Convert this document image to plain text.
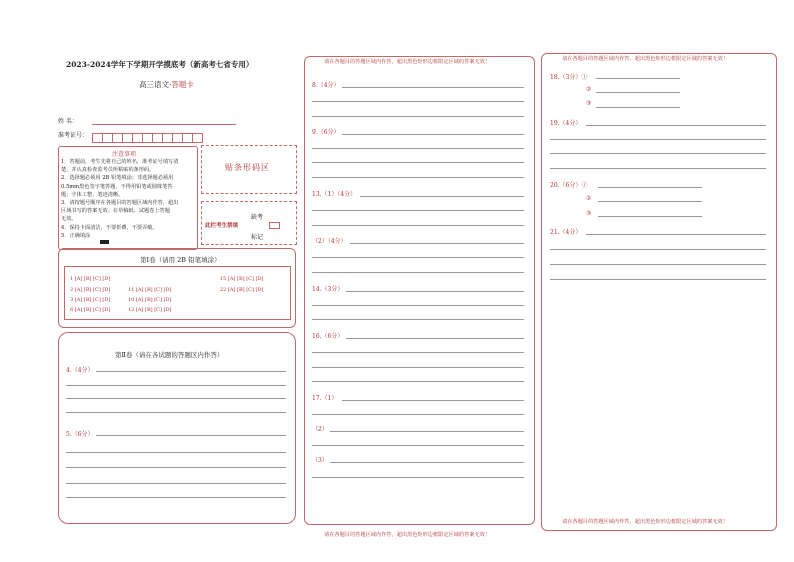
2023-2024学年下学期开学摸底考（新高考七省专用）
高三语文·答题卡
姓 名：
准考证号：
注意事项
1．答题前，考生先将自己的姓名，准考证号填写清
楚，并认真检查监考员所粘贴的条形码。
2．选择题必须用 2B 铅笔填涂；非选择题必须用
0.5mm黑色签字笔答题，不得用铅笔或圆珠笔答
题；字体工整、笔迹清晰。
3．请按题号顺序在各题目的答题区域内作答，超出
区域书写的答案无效；在草稿纸、试题卷上答题
无效。
4．保持卡面清洁，不要折叠、不要弄破。
5．正确填涂
贴条形码区
此栏考生禁填
缺考
标记
第Ⅰ卷（请用 2B 铅笔填涂）
1 [A] [B] [C] [D]
2 [A] [B] [C] [D]
3 [A] [B] [C] [D]
6 [A] [B] [C] [D]
10 [A] [B] [C] [D]
11 [A] [B] [C] [D]
12 [A] [B] [C] [D]
15 [A] [B] [C] [D]
22 [A] [B] [C] [D]
第Ⅱ卷（请在各试题的答题区内作答）
4.（4分）
5.（6分）
请在各题目的答题区域内作答，超出黑色矩形边框限定区域的答案无效！
请在各题目的答题区域内作答，超出黑色矩形边框限定区域的答案无效！
8.（4分）
9.（6分）
13.（1）（4分）
（2）（4分）
14.（3分）
16.（6分）
17.（1）
（2）
（3）
请在各题目的答题区域内作答，超出黑色矩形边框限定区域的答案无效！
请在各题目的答题区域内作答，超出黑色矩形边框限定区域的答案无效！
18.（3分）①
②
③
19.（4分）
20.（6分）①
②
③
21.（4分）
